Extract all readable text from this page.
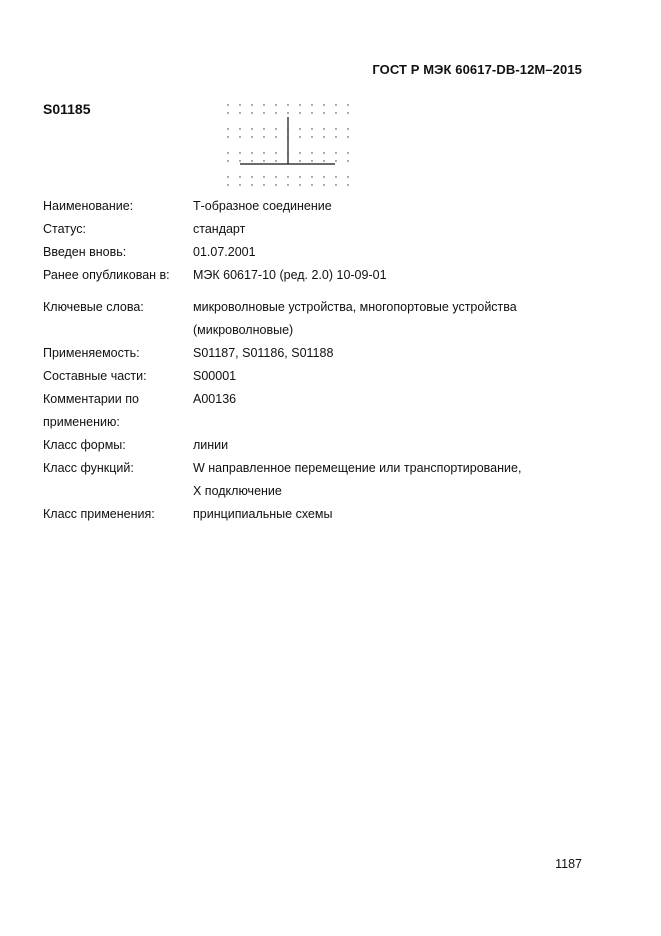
ГОСТ Р МЭК 60617-DB-12М–2015
S01185
Наименование:	Т-образное соединение
Статус:	стандарт
Введен вновь:	01.07.2001
Ранее опубликован в:	МЭК 60617-10 (ред. 2.0) 10-09-01
Ключевые слова:	микроволновые устройства, многопортовые устройства
(микроволновые)
Применяемость:	S01187, S01186, S01188
Составные части:	S00001
Комментарии по
применению:
A00136
Класс формы:	линии
Класс функций:	W направленное перемещение или транспортирование,
X подключение
Класс применения:	принципиальные схемы
1187
